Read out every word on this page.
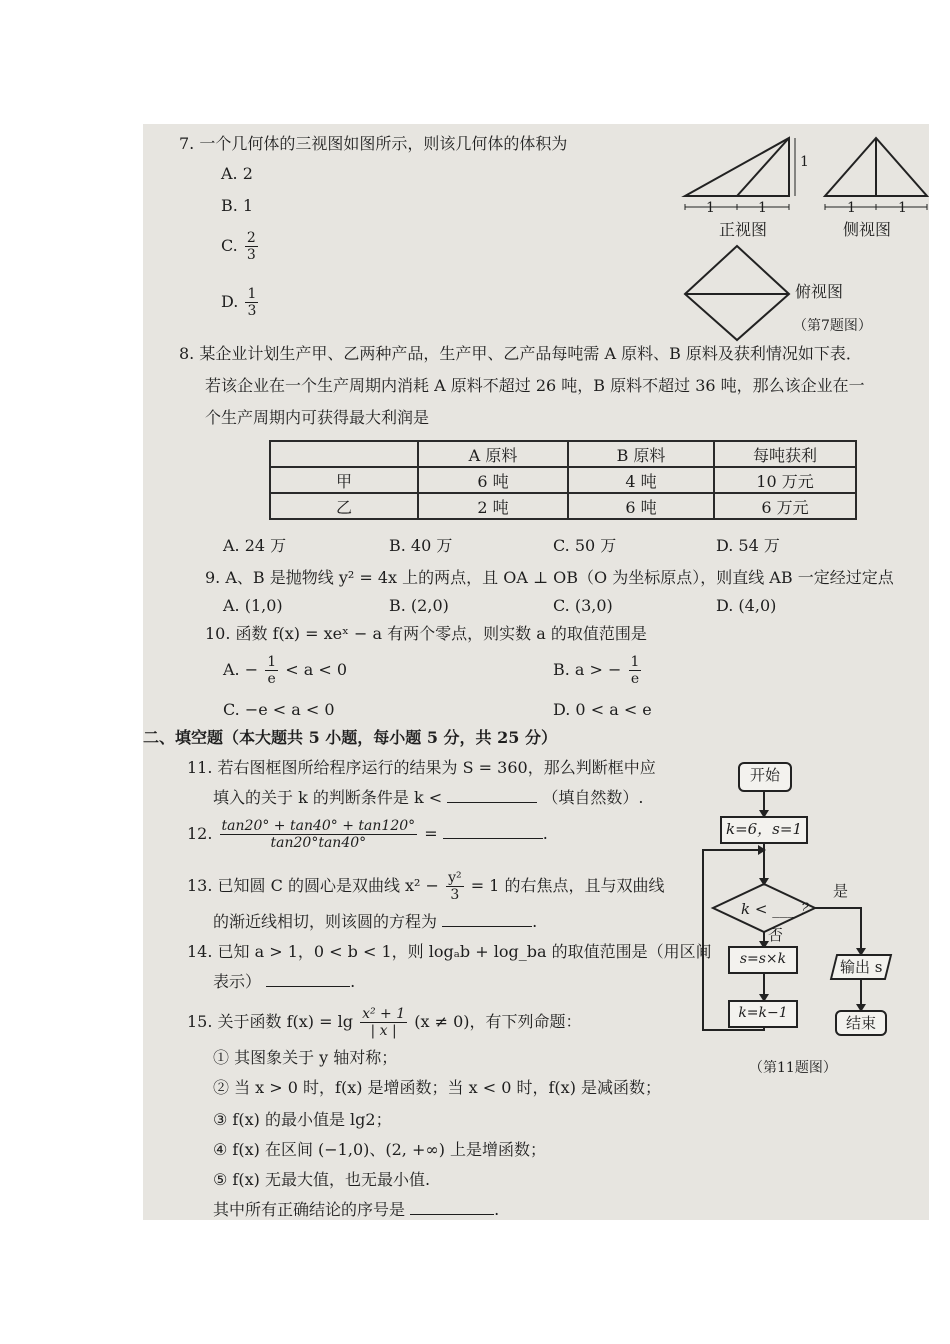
7. 一个几何体的三视图如图所示，则该几何体的体积为
A. 2
B. 1
C. $\frac{2}{3}$
D. $\frac{1}{3}$
1	1
1
1	1
正视图	侧视图
俯视图
（第7题图）
8. 某企业计划生产甲、乙两种产品，生产甲、乙产品每吨需 A 原料、B 原料及获利情况如下表．
若该企业在一个生产周期内消耗 A 原料不超过 26 吨，B 原料不超过 36 吨，那么该企业在一
个生产周期内可获得最大利润是
	A 原料	B 原料	每吨获利
甲	6 吨	4 吨	10 万元
乙	2 吨	6 吨	6 万元
A. 24 万	B. 40 万	C. 50 万	D. 54 万
9. A、B 是抛物线 y² = 4x 上的两点，且 OA ⊥ OB（O 为坐标原点），则直线 AB 一定经过定点
A. (1,0)	B. (2,0)	C. (3,0)	D. (4,0)
10. 函数 f(x) = xeˣ − a 有两个零点，则实数 a 的取值范围是
A. − $\frac{1}{e} < a < 0$	B. a > − $\frac{1}{e}$
C. −e < a < 0	D. 0 < a < e
二、填空题（本大题共 5 小题，每小题 5 分，共 25 分）
11. 若右图框图所给程序运行的结果为 S = 360，那么判断框中应
填入的关于 k 的判断条件是 k <	（填自然数）.
12. $\frac{\tan 20^\circ + \tan 40^\circ + \tan 120^\circ}{\tan 20^\circ\tan 40^\circ}$ =	.
13. 已知圆 C 的圆心是双曲线 $x^2 - \frac{\text{y²}}{3} = 1$ 的右焦点，且与双曲线
的渐近线相切，则该圆的方程为	.
14. 已知 a > 1，0 < b < 1，则 logₐb + log_ba 的取值范围是（用区间
表示）	.
15. 关于函数 $f(x) = \lg \frac{\text{x² + 1}}{| x |} (x \ne 0)$，有下列命题：
① 其图象关于 y 轴对称；
② 当 x > 0 时，f(x) 是增函数；当 x < 0 时，f(x) 是减函数；
③ f(x) 的最小值是 lg2；
④ f(x) 在区间 (−1,0)、(2, +∞) 上是增函数；
⑤ f(x) 无最大值，也无最小值.
其中所有正确结论的序号是	.
开始
k=6，s=1
k < ___ ？
是
否
s=s×k
k=k−1
输出 s
结束
（第11题图）
